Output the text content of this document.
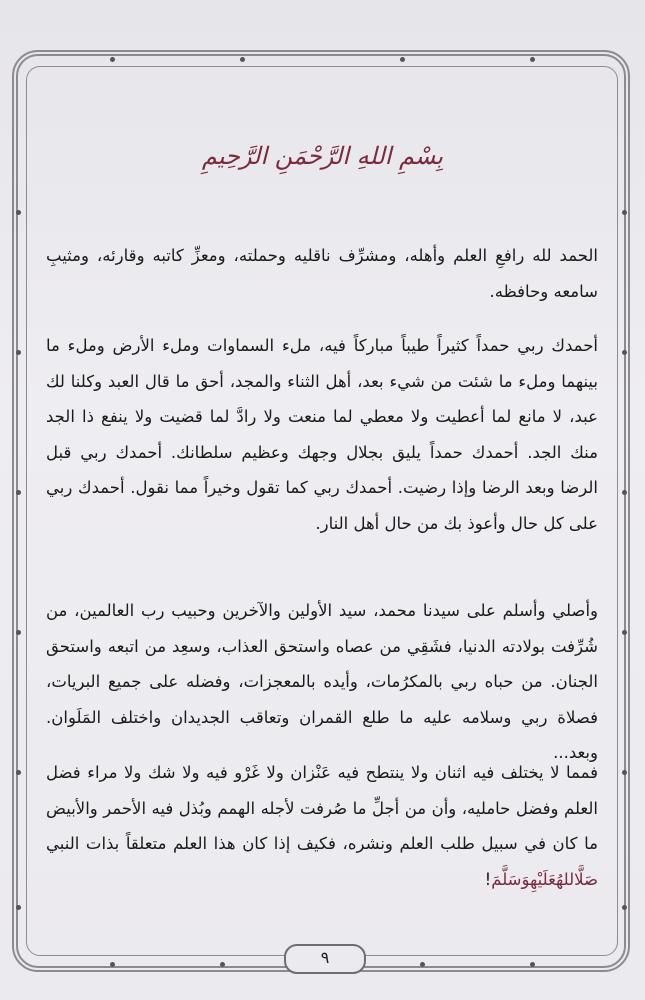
بِسْمِ اللهِ الرَّحْمَنِ الرَّحِيمِ

الحمد لله رافعِ العلم وأهله، ومشرِّف ناقليه وحملته، ومعزِّ كاتبه وقارئه، ومثيبِ سامعه وحافظه.

أحمدك ربي حمداً كثيراً طيباً مباركاً فيه، ملء السماوات وملء الأرض وملء ما بينهما وملء ما شئت من شيء بعد، أهل الثناء والمجد، أحق ما قال العبد وكلنا لك عبد، لا مانع لما أعطيت ولا معطي لما منعت ولا رادَّ لما قضيت ولا ينفع ذا الجد منك الجد. أحمدك حمداً يليق بجلال وجهك وعظيم سلطانك. أحمدك ربي قبل الرضا وبعد الرضا وإذا رضيت. أحمدك ربي كما تقول وخيراً مما نقول. أحمدك ربي على كل حال وأعوذ بك من حال أهل النار.

وأصلي وأسلم على سيدنا محمد، سيد الأولين والآخرين وحبيب رب العالمين، من شُرِّفت بولادته الدنيا، فشَقِي من عصاه واستحق العذاب، وسعِد من اتبعه واستحق الجنان. من حباه ربي بالمكرُمات، وأيده بالمعجزات، وفضله على جميع البريات، فصلاة ربي وسلامه عليه ما طلع القمران وتعاقب الجديدان واختلف المَلَوان. وبعد...

فمما لا يختلف فيه اثنان ولا ينتطح فيه عَنْزان ولا غَرْو فيه ولا شك ولا مراء فضل العلم وفضل حامليه، وأن من أجلِّ ما صُرفت لأجله الهمم وبُذل فيه الأحمر والأبيض ما كان في سبيل طلب العلم ونشره، فكيف إذا كان هذا العلم متعلقاً بذات النبي صَلَّاللهُعَلَيْهِوَسَلَّمَ!

٩
